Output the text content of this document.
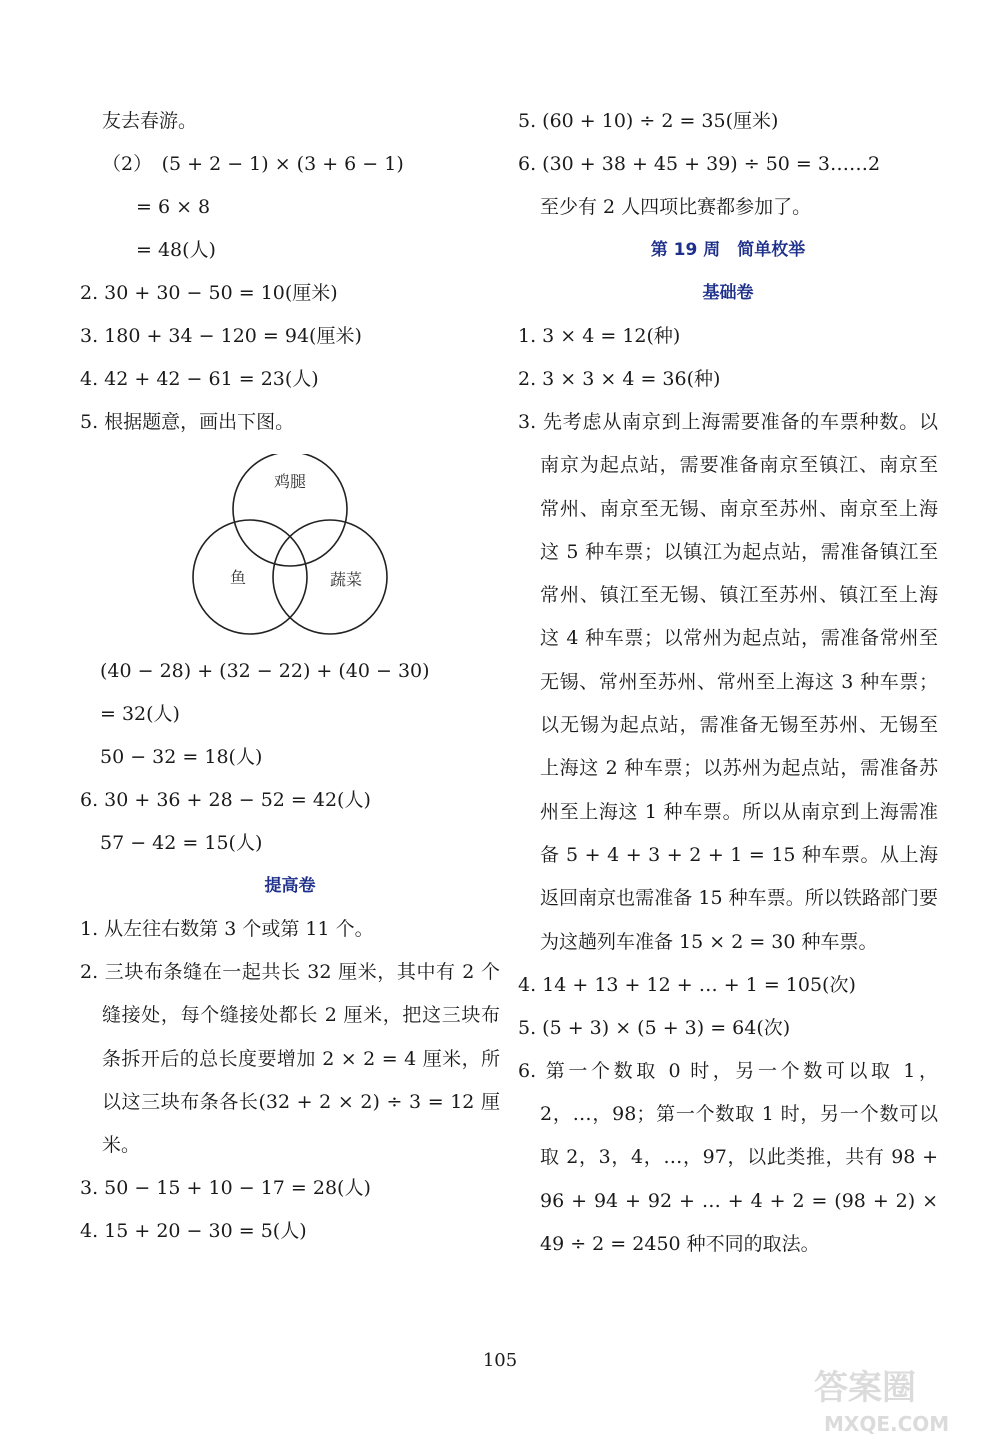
友去春游。
（2）　(5 + 2 − 1) × (3 + 6 − 1)
= 6 × 8
= 48(人)
2. 30 + 30 − 50 = 10(厘米)
3. 180 + 34 − 120 = 94(厘米)
4. 42 + 42 − 61 = 23(人)
5. 根据题意，画出下图。
鸡腿
鱼	蔬菜
(40 − 28) + (32 − 22) + (40 − 30)
= 32(人)
50 − 32 = 18(人)
6. 30 + 36 + 28 − 52 = 42(人)
57 − 42 = 15(人)
提高卷
1. 从左往右数第 3 个或第 11 个。
2. 三块布条缝在一起共长 32 厘米，其中有 2 个缝接处，每个缝接处都长 2 厘米，把这三块布条拆开后的总长度要增加 2 × 2 = 4 厘米，所以这三块布条各长(32 + 2 × 2) ÷ 3 = 12 厘米。
3. 50 − 15 + 10 − 17 = 28(人)
4. 15 + 20 − 30 = 5(人)
5. (60 + 10) ÷ 2 = 35(厘米)
6. (30 + 38 + 45 + 39) ÷ 50 = 3……2
至少有 2 人四项比赛都参加了。
第 19 周　简单枚举
基础卷
1. 3 × 4 = 12(种)
2. 3 × 3 × 4 = 36(种)
3. 先考虑从南京到上海需要准备的车票种数。以南京为起点站，需要准备南京至镇江、南京至常州、南京至无锡、南京至苏州、南京至上海这 5 种车票；以镇江为起点站，需准备镇江至常州、镇江至无锡、镇江至苏州、镇江至上海这 4 种车票；以常州为起点站，需准备常州至无锡、常州至苏州、常州至上海这 3 种车票；以无锡为起点站，需准备无锡至苏州、无锡至上海这 2 种车票；以苏州为起点站，需准备苏州至上海这 1 种车票。所以从南京到上海需准备 5 + 4 + 3 + 2 + 1 = 15 种车票。从上海返回南京也需准备 15 种车票。所以铁路部门要为这趟列车准备 15 × 2 = 30 种车票。
4. 14 + 13 + 12 + … + 1 = 105(次)
5. (5 + 3) × (5 + 3) = 64(次)
6. 第一个数取 0 时，另一个数可以取 1，2，…，98；第一个数取 1 时，另一个数可以取 2，3，4，…，97，以此类推，共有 98 + 96 + 94 + 92 + … + 4 + 2 = (98 + 2) × 49 ÷ 2 = 2450 种不同的取法。
105
答案圈
MXQE.COM
